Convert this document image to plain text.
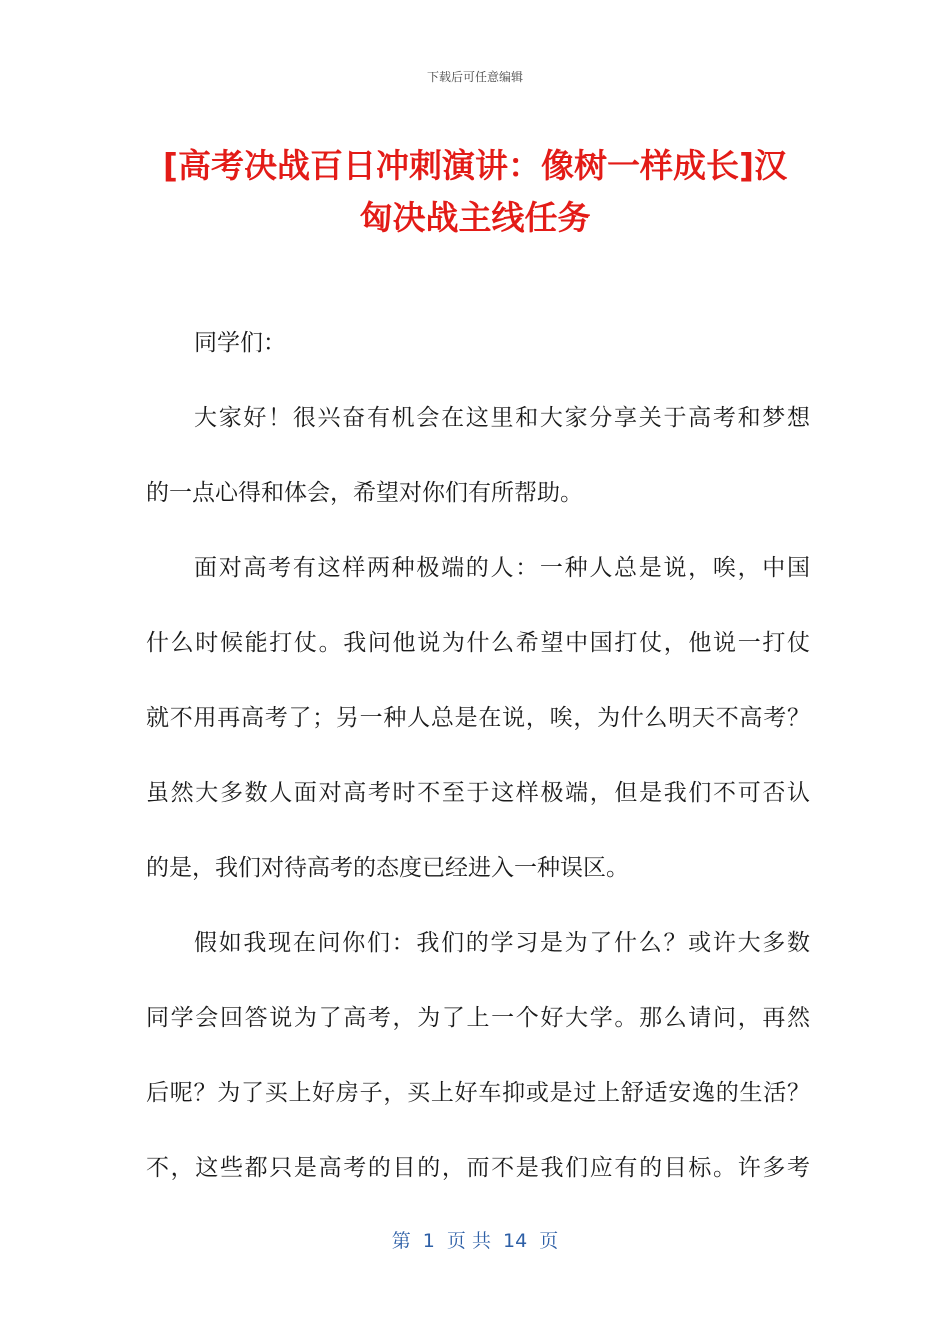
下载后可任意编辑
[高考决战百日冲刺演讲：像树一样成长]汉
匈决战主线任务
同学们：
大家好！很兴奋有机会在这里和大家分享关于高考和梦想
的一点心得和体会，希望对你们有所帮助。
面对高考有这样两种极端的人：一种人总是说，唉，中国
什么时候能打仗。我问他说为什么希望中国打仗，他说一打仗
就不用再高考了；另一种人总是在说，唉，为什么明天不高考？
虽然大多数人面对高考时不至于这样极端，但是我们不可否认
的是，我们对待高考的态度已经进入一种误区。
假如我现在问你们：我们的学习是为了什么？或许大多数
同学会回答说为了高考，为了上一个好大学。那么请问，再然
后呢？为了买上好房子，买上好车抑或是过上舒适安逸的生活？
不，这些都只是高考的目的，而不是我们应有的目标。许多考
第  1  页 共  14  页
